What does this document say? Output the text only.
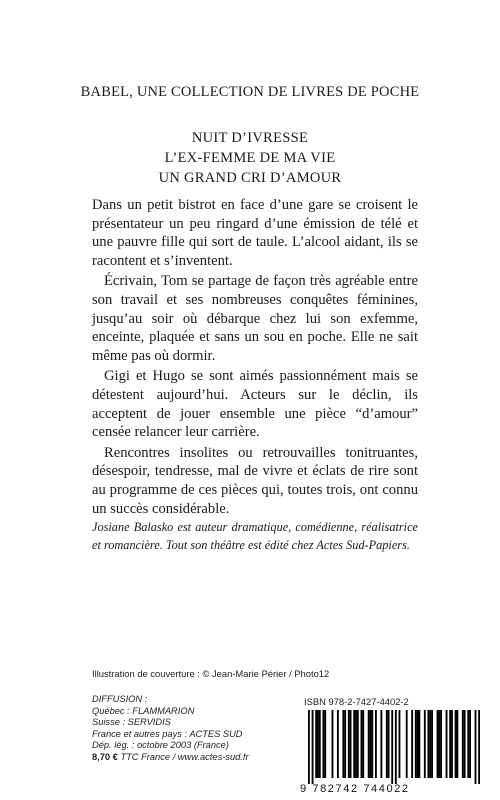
BABEL, UNE COLLECTION DE LIVRES DE POCHE
NUIT D’IVRESSE
L’EX-FEMME DE MA VIE
UN GRAND CRI D’AMOUR

Dans un petit bistrot en face d’une gare se croisent le présentateur un peu ringard d’une émission de télé et une pauvre fille qui sort de taule. L’alcool aidant, ils se racontent et s’inventent.

Écrivain, Tom se partage de façon très agréable entre son travail et ses nombreuses conquêtes féminines, jusqu’au soir où débarque chez lui son exfemme, enceinte, plaquée et sans un sou en poche. Elle ne sait même pas où dormir.

Gigi et Hugo se sont aimés passionnément mais se détestent aujourd’hui. Acteurs sur le déclin, ils acceptent de jouer ensemble une pièce “d’amour” censée relancer leur carrière.

Rencontres insolites ou retrouvailles tonitruantes, désespoir, tendresse, mal de vivre et éclats de rire sont au programme de ces pièces qui, toutes trois, ont connu un succès considérable.

Josiane Balasko est auteur dramatique, comédienne, réalisatrice et romancière. Tout son théâtre est édité chez Actes Sud-Papiers.
Illustration de couverture : © Jean-Marie Périer / Photo12
DIFFUSION :
Québec : FLAMMARION
Suisse : SERVIDIS
France et autres pays : ACTES SUD
Dép. lég. : octobre 2003 (France)
8,70 € TTC France / www.actes-sud.fr
ISBN 978-2-7427-4402-2
9 782742 744022
